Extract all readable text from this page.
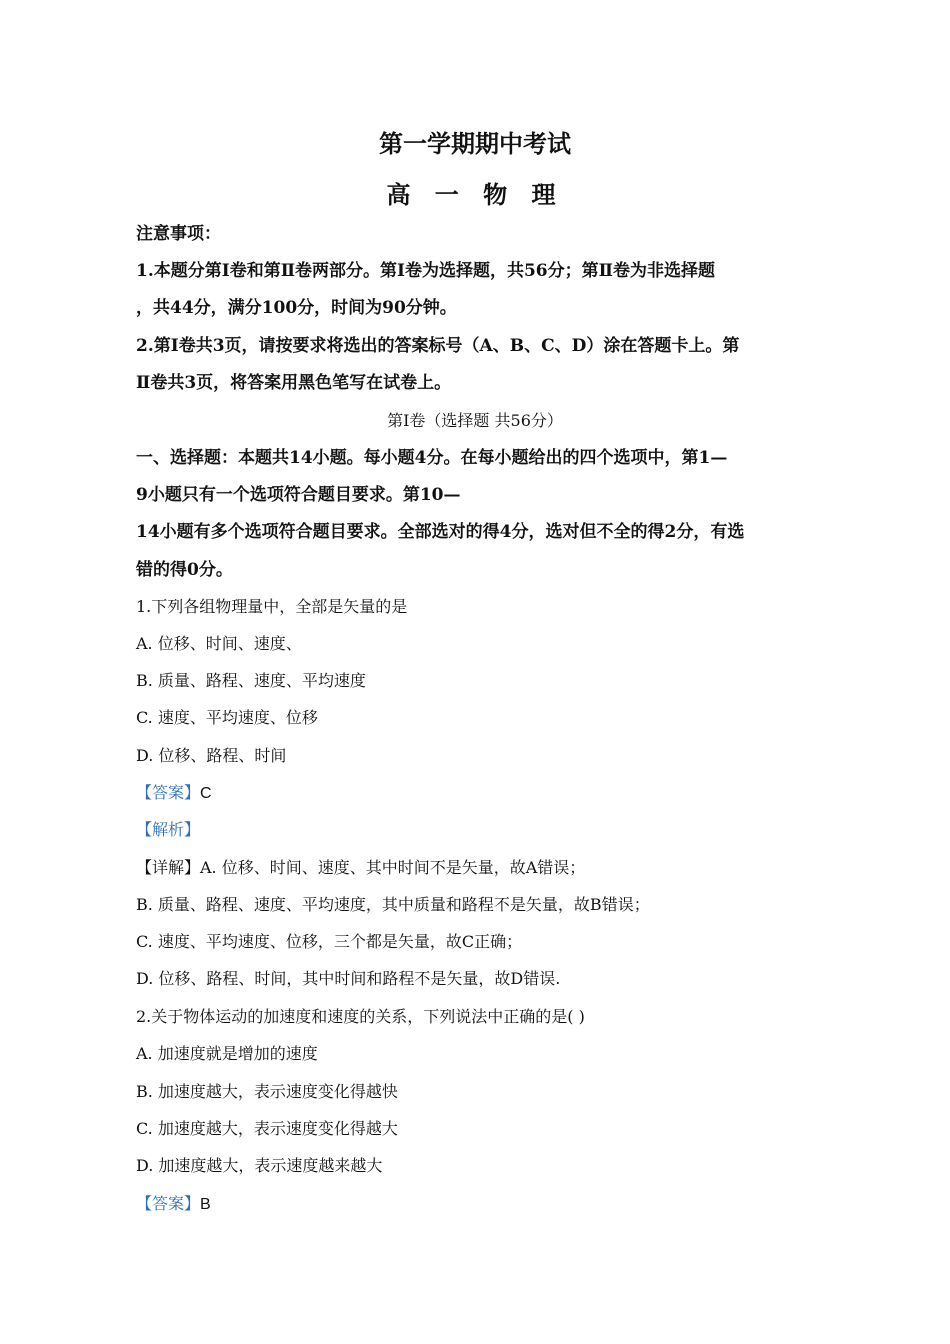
第一学期期中考试
高 一 物 理
注意事项：
1.本题分第Ⅰ卷和第Ⅱ卷两部分。第Ⅰ卷为选择题，共56分；第Ⅱ卷为非选择题
，共44分，满分100分，时间为90分钟。
2.第Ⅰ卷共3页，请按要求将选出的答案标号（A、B、C、D）涂在答题卡上。第
Ⅱ卷共3页，将答案用黑色笔写在试卷上。
第Ⅰ卷（选择题 共56分）
一、选择题：本题共14小题。每小题4分。在每小题给出的四个选项中，第1—
9小题只有一个选项符合题目要求。第10—
14小题有多个选项符合题目要求。全部选对的得4分，选对但不全的得2分，有选
错的得0分。
1.下列各组物理量中，全部是矢量的是
A. 位移、时间、速度、
B. 质量、路程、速度、平均速度
C. 速度、平均速度、位移
D. 位移、路程、时间
【答案】C
【解析】
【详解】A. 位移、时间、速度、其中时间不是矢量，故A错误；
B. 质量、路程、速度、平均速度，其中质量和路程不是矢量，故B错误；
C. 速度、平均速度、位移，三个都是矢量，故C正确；
D. 位移、路程、时间，其中时间和路程不是矢量，故D错误.
2.关于物体运动的加速度和速度的关系，下列说法中正确的是( )
A. 加速度就是增加的速度
B. 加速度越大，表示速度变化得越快
C. 加速度越大，表示速度变化得越大
D. 加速度越大，表示速度越来越大
【答案】B
